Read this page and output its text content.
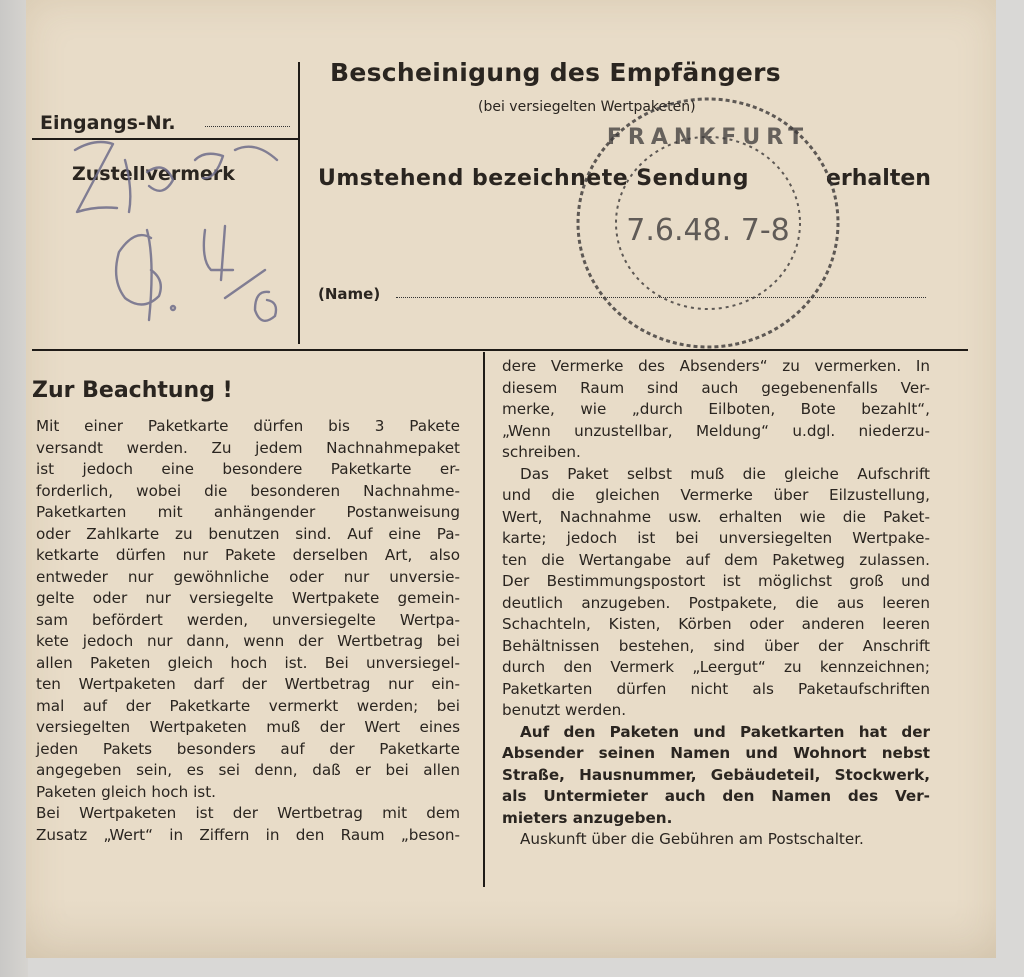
Bescheinigung des Empfängers
(bei versiegelten Wertpaketen)
Eingangs-Nr.
Zustellvermerk	Umstehend bezeichnete Sendung	erhalten
(Name)
FRANKFURT
7.6.48. 7-8
Zur Beachtung !
Mit einer Paketkarte dürfen bis 3 Pakete
versandt werden. Zu jedem Nachnahmepaket
ist jedoch eine besondere Paketkarte er-
forderlich, wobei die besonderen Nachnahme-
Paketkarten mit anhängender Postanweisung
oder Zahlkarte zu benutzen sind. Auf eine Pa-
ketkarte dürfen nur Pakete derselben Art, also
entweder nur gewöhnliche oder nur unversie-
gelte oder nur versiegelte Wertpakete gemein-
sam befördert werden, unversiegelte Wertpa-
kete jedoch nur dann, wenn der Wertbetrag bei
allen Paketen gleich hoch ist. Bei unversiegel-
ten Wertpaketen darf der Wertbetrag nur ein-
mal auf der Paketkarte vermerkt werden; bei
versiegelten Wertpaketen muß der Wert eines
jeden Pakets besonders auf der Paketkarte
angegeben sein, es sei denn, daß er bei allen
Paketen gleich hoch ist.
Bei Wertpaketen ist der Wertbetrag mit dem
Zusatz „Wert“ in Ziffern in den Raum „beson-
dere Vermerke des Absenders“ zu vermerken. In
diesem Raum sind auch gegebenenfalls Ver-
merke, wie „durch Eilboten, Bote bezahlt“,
„Wenn unzustellbar, Meldung“ u.dgl. niederzu-
schreiben.
Das Paket selbst muß die gleiche Aufschrift
und die gleichen Vermerke über Eilzustellung,
Wert, Nachnahme usw. erhalten wie die Paket-
karte; jedoch ist bei unversiegelten Wertpake-
ten die Wertangabe auf dem Paketweg zulassen.
Der Bestimmungspostort ist möglichst groß und
deutlich anzugeben. Postpakete, die aus leeren
Schachteln, Kisten, Körben oder anderen leeren
Behältnissen bestehen, sind über der Anschrift
durch den Vermerk „Leergut“ zu kennzeichnen;
Paketkarten dürfen nicht als Paketaufschriften
benutzt werden.
Auf den Paketen und Paketkarten hat der
Absender seinen Namen und Wohnort nebst
Straße, Hausnummer, Gebäudeteil, Stockwerk,
als Untermieter auch den Namen des Ver-
mieters anzugeben.
Auskunft über die Gebühren am Postschalter.
